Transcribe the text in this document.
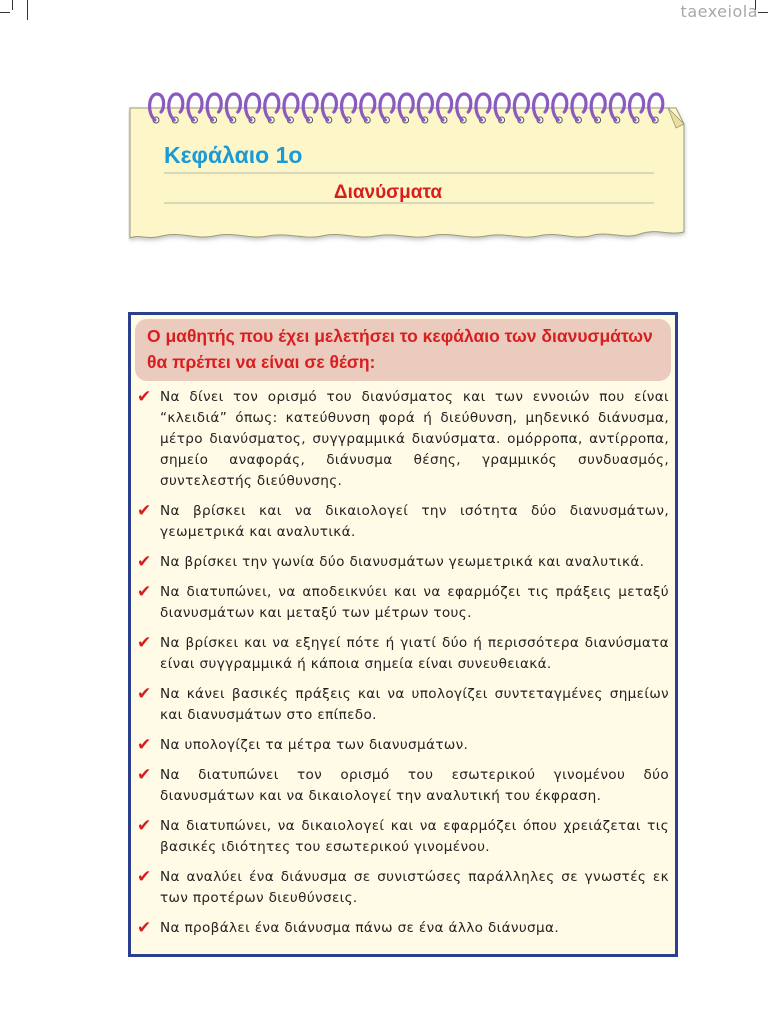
taexeiola
Κεφάλαιο 1ο
Διανύσματα
Ο μαθητής που έχει μελετήσει το κεφάλαιο των διανυσμάτων θα πρέπει να είναι σε θέση:
✔ Να δίνει τον ορισμό του διανύσματος και των εννοιών που είναι “κλειδιά” όπως: κατεύθυνση φορά ή διεύθυνση, μηδενικό διάνυσμα, μέτρο διανύσματος, συγγραμμικά διανύσματα. ομόρροπα, αντίρροπα, σημείο αναφοράς, διάνυσμα θέσης, γραμμικός συνδυασμός, συντελεστής διεύθυνσης.
✔ Να βρίσκει και να δικαιολογεί την ισότητα δύο διανυσμάτων, γεωμετρικά και αναλυτικά.
✔ Να βρίσκει την γωνία δύο διανυσμάτων γεωμετρικά και αναλυτικά.
✔ Να διατυπώνει, να αποδεικνύει και να εφαρμόζει τις πράξεις μεταξύ διανυσμάτων και μεταξύ των μέτρων τους.
✔ Να βρίσκει και να εξηγεί πότε ή γιατί δύο ή περισσότερα διανύσματα είναι συγγραμμικά ή κάποια σημεία είναι συνευθειακά.
✔ Να κάνει βασικές πράξεις και να υπολογίζει συντεταγμένες σημείων και διανυσμάτων στο επίπεδο.
✔ Να υπολογίζει τα μέτρα των διανυσμάτων.
✔ Να διατυπώνει τον ορισμό του εσωτερικού γινομένου δύο διανυσμάτων και να δικαιολογεί την αναλυτική του έκφραση.
✔ Να διατυπώνει, να δικαιολογεί και να εφαρμόζει όπου χρειάζεται τις βασικές ιδιότητες του εσωτερικού γινομένου.
✔ Να αναλύει ένα διάνυσμα σε συνιστώσες παράλληλες σε γνωστές εκ των προτέρων διευθύνσεις.
✔ Να προβάλει ένα διάνυσμα πάνω σε ένα άλλο διάνυσμα.
